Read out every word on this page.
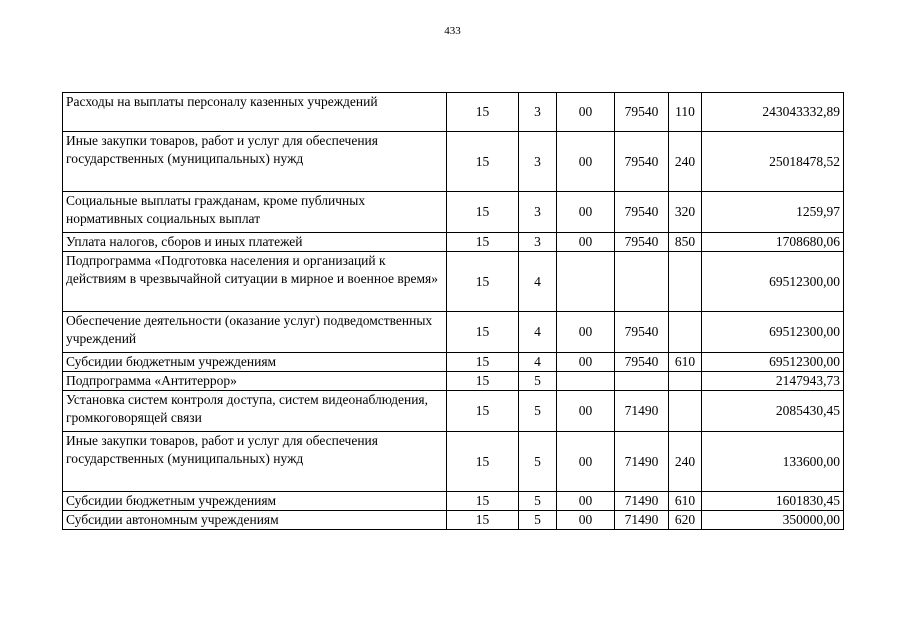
433
Расходы на выплаты персоналу казенных учреждений	15	3	00	79540	110	243043332,89
Иные закупки товаров, работ и услуг для обеспечения государственных (муниципальных) нужд	15	3	00	79540	240	25018478,52
Социальные выплаты гражданам, кроме публичных нормативных социальных выплат	15	3	00	79540	320	1259,97
Уплата налогов, сборов и иных платежей	15	3	00	79540	850	1708680,06
Подпрограмма «Подготовка населения и организаций к действиям в чрезвычайной ситуации в мирное и военное время»	15	4				69512300,00
Обеспечение деятельности (оказание услуг) подведомственных учреждений	15	4	00	79540		69512300,00
Субсидии бюджетным учреждениям	15	4	00	79540	610	69512300,00
Подпрограмма «Антитеррор»	15	5				2147943,73
Установка систем контроля доступа, систем видеонаблюдения, громкоговорящей связи	15	5	00	71490		2085430,45
Иные закупки товаров, работ и услуг для обеспечения государственных (муниципальных) нужд	15	5	00	71490	240	133600,00
Субсидии бюджетным учреждениям	15	5	00	71490	610	1601830,45
Субсидии автономным учреждениям	15	5	00	71490	620	350000,00
